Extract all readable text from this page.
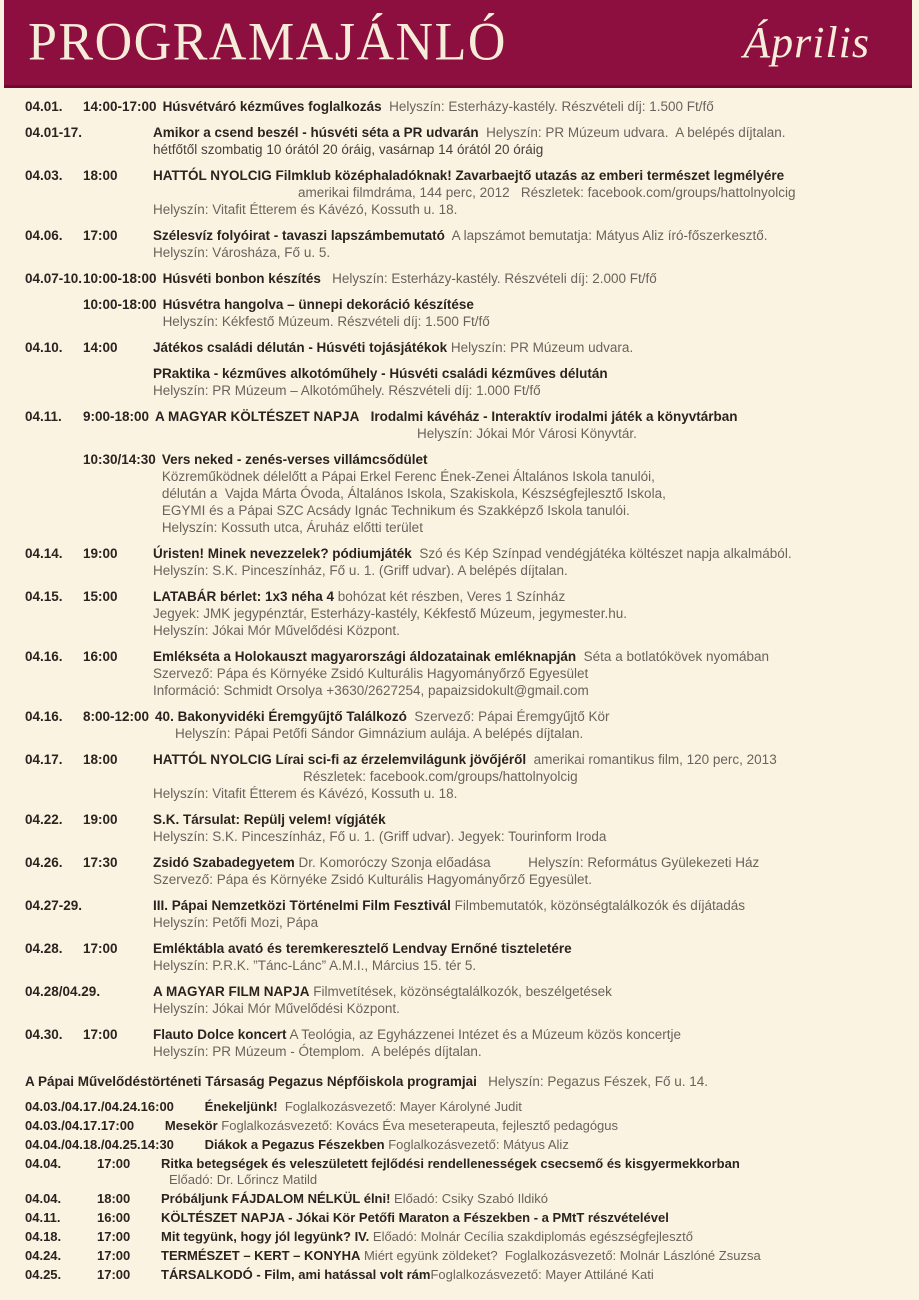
PROGRAMAJÁNLÓ	Április
04.01.	14:00-17:00 Húsvétváró kézműves foglalkozás  Helyszín: Esterházy-kastély. Részvételi díj: 1.500 Ft/fő
04.01-17.	Amikor a csend beszél - húsvéti séta a PR udvarán  Helyszín: PR Múzeum udvara.  A belépés díjtalan.
hétfőtől szombatig 10 órától 20 óráig, vasárnap 14 órától 20 óráig
04.03.	18:00	HATTÓL NYOLCIG Filmklub középhaladóknak! Zavarbaejtő utazás az emberi természet legmélyére
amerikai filmdráma, 144 perc, 2012   Részletek: facebook.com/groups/hattolnyolcig
Helyszín: Vitafit Étterem és Kávézó, Kossuth u. 18.
04.06.	17:00	Szélesvíz folyóirat - tavaszi lapszámbemutató  A lapszámot bemutatja: Mátyus Aliz író-főszerkesztő.
Helyszín: Városháza, Fő u. 5.
04.07-10. 10:00-18:00 Húsvéti bonbon készítés   Helyszín: Esterházy-kastély. Részvételi díj: 2.000 Ft/fő
10:00-18:00 Húsvétra hangolva – ünnepi dekoráció készítése
Helyszín: Kékfestő Múzeum. Részvételi díj: 1.500 Ft/fő
04.10.	14:00	Játékos családi délután - Húsvéti tojásjátékok Helyszín: PR Múzeum udvara.
PRaktika - kézműves alkotóműhely - Húsvéti családi kézműves délután
Helyszín: PR Múzeum – Alkotóműhely. Részvételi díj: 1.000 Ft/fő
04.11.	9:00-18:00 A MAGYAR KÖLTÉSZET NAPJA Irodalmi kávéház - Interaktív irodalmi játék a könyvtárban
Helyszín: Jókai Mór Városi Könyvtár.
10:30/14:30 Vers neked - zenés-verses villámcsődület
Közreműködnek délelőtt a Pápai Erkel Ferenc Ének-Zenei Általános Iskola tanulói,
délután a  Vajda Márta Óvoda, Általános Iskola, Szakiskola, Készségfejlesztő Iskola,
EGYMI és a Pápai SZC Acsády Ignác Technikum és Szakképző Iskola tanulói.
Helyszín: Kossuth utca, Áruház előtti terület
04.14.	19:00	Úristen! Minek nevezzelek? pódiumjáték  Szó és Kép Színpad vendégjátéka költészet napja alkalmából.
Helyszín: S.K. Pinceszínház, Fő u. 1. (Griff udvar). A belépés díjtalan.
04.15.	15:00	LATABÁR bérlet: 1x3 néha 4 bohózat két részben, Veres 1 Színház
Jegyek: JMK jegypénztár, Esterházy-kastély, Kékfestő Múzeum, jegymester.hu.
Helyszín: Jókai Mór Művelődési Központ.
04.16.	16:00	Emlékséta a Holokauszt magyarországi áldozatainak emléknapján  Séta a botlatókövek nyomában
Szervező: Pápa és Környéke Zsidó Kulturális Hagyományőrző Egyesület
Információ: Schmidt Orsolya +3630/2627254, papaizsidokult@gmail.com
04.16.	8:00-12:00 40. Bakonyvidéki Éremgyűjtő Találkozó  Szervező: Pápai Éremgyűjtő Kör
Helyszín: Pápai Petőfi Sándor Gimnázium aulája. A belépés díjtalan.
04.17.	18:00	HATTÓL NYOLCIG Lírai sci-fi az érzelemvilágunk jövőjéről  amerikai romantikus film, 120 perc, 2013
Részletek: facebook.com/groups/hattolnyolcig
Helyszín: Vitafit Étterem és Kávézó, Kossuth u. 18.
04.22.	19:00	S.K. Társulat: Repülj velem! vígjáték
Helyszín: S.K. Pinceszínház, Fő u. 1. (Griff udvar). Jegyek: Tourinform Iroda
04.26.	17:30	Zsidó Szabadegyetem Dr. Komoróczy Szonja előadása          Helyszín: Református Gyülekezeti Ház
Szervező: Pápa és Környéke Zsidó Kulturális Hagyományőrző Egyesület.
04.27-29.	III. Pápai Nemzetközi Történelmi Film Fesztivál Filmbemutatók, közönségtalálkozók és díjátadás
Helyszín: Petőfi Mozi, Pápa
04.28.	17:00	Emléktábla avató és teremkeresztelő Lendvay Ernőné tiszteletére
Helyszín: P.R.K. ”Tánc-Lánc” A.M.I., Március 15. tér 5.
04.28/04.29.	A MAGYAR FILM NAPJA Filmvetítések, közönségtalálkozók, beszélgetések
Helyszín: Jókai Mór Művelődési Központ.
04.30.	17:00	Flauto Dolce koncert A Teológia, az Egyházzenei Intézet és a Múzeum közös koncertje
Helyszín: PR Múzeum - Ótemplom.  A belépés díjtalan.
A Pápai Művelődéstörténeti Társaság Pegazus Népfőiskola programjai   Helyszín: Pegazus Fészek, Fő u. 14.
04.03./04.17./04.24. 16:00	Énekeljünk!  Foglalkozásvezető: Mayer Károlyné Judit
04.03./04.17. 17:00	Mesekör Foglalkozásvezető: Kovács Éva meseterapeuta, fejlesztő pedagógus
04.04./04.18./04.25. 14:30	Diákok a Pegazus Fészekben Foglalkozásvezető: Mátyus Aliz
04.04.	17:00	Ritka betegségek és veleszületett fejlődési rendellenességek csecsemő és kisgyermekkorban
Előadó: Dr. Lőrincz Matild
04.04.	18:00	Próbáljunk FÁJDALOM NÉLKÜL élni! Előadó: Csiky Szabó Ildikó
04.11.	16:00	KÖLTÉSZET NAPJA - Jókai Kör Petőfi Maraton a Fészekben - a PMtT részvételével
04.18.	17:00	Mit tegyünk, hogy jól legyünk? IV. Előadó: Molnár Cecília szakdiplomás egészségfejlesztő
04.24.	17:00	TERMÉSZET – KERT – KONYHA Miért együnk zöldeket?  Foglalkozásvezető: Molnár Lászlóné Zsuzsa
04.25.	17:00	TÁRSALKODÓ - Film, ami hatással volt rámFoglalkozásvezető: Mayer Attiláné Kati
